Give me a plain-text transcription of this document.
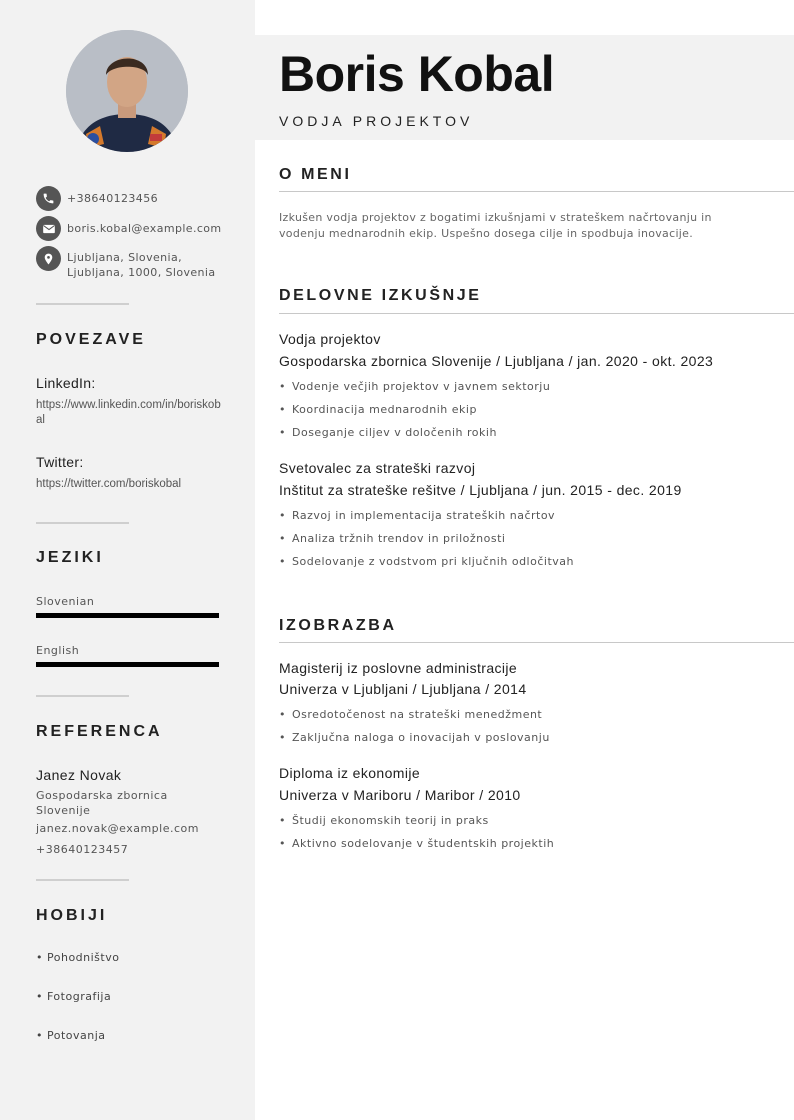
+38640123456
boris.kobal@example.com
Ljubljana, Slovenia,
Ljubljana, 1000, Slovenia
POVEZAVE
LinkedIn:
https://www.linkedin.com/in/boriskobal
Twitter:
https://twitter.com/boriskobal
JEZIKI
Slovenian
English
REFERENCA
Janez Novak
Gospodarska zbornica Slovenije
janez.novak@example.com
+38640123457
HOBIJI
• Pohodništvo
• Fotografija
• Potovanja
Boris Kobal
VODJA PROJEKTOV
O MENI
Izkušen vodja projektov z bogatimi izkušnjami v strateškem načrtovanju in vodenju mednarodnih ekip. Uspešno dosega cilje in spodbuja inovacije.
DELOVNE IZKUŠNJE
Vodja projektov
Gospodarska zbornica Slovenije / Ljubljana / jan. 2020 - okt. 2023
• Vodenje večjih projektov v javnem sektorju
• Koordinacija mednarodnih ekip
• Doseganje ciljev v določenih rokih
Svetovalec za strateški razvoj
Inštitut za strateške rešitve / Ljubljana / jun. 2015 - dec. 2019
• Razvoj in implementacija strateških načrtov
• Analiza tržnih trendov in priložnosti
• Sodelovanje z vodstvom pri ključnih odločitvah
IZOBRAZBA
Magisterij iz poslovne administracije
Univerza v Ljubljani / Ljubljana / 2014
• Osredotočenost na strateški menedžment
• Zaključna naloga o inovacijah v poslovanju
Diploma iz ekonomije
Univerza v Mariboru / Maribor / 2010
• Študij ekonomskih teorij in praks
• Aktivno sodelovanje v študentskih projektih
